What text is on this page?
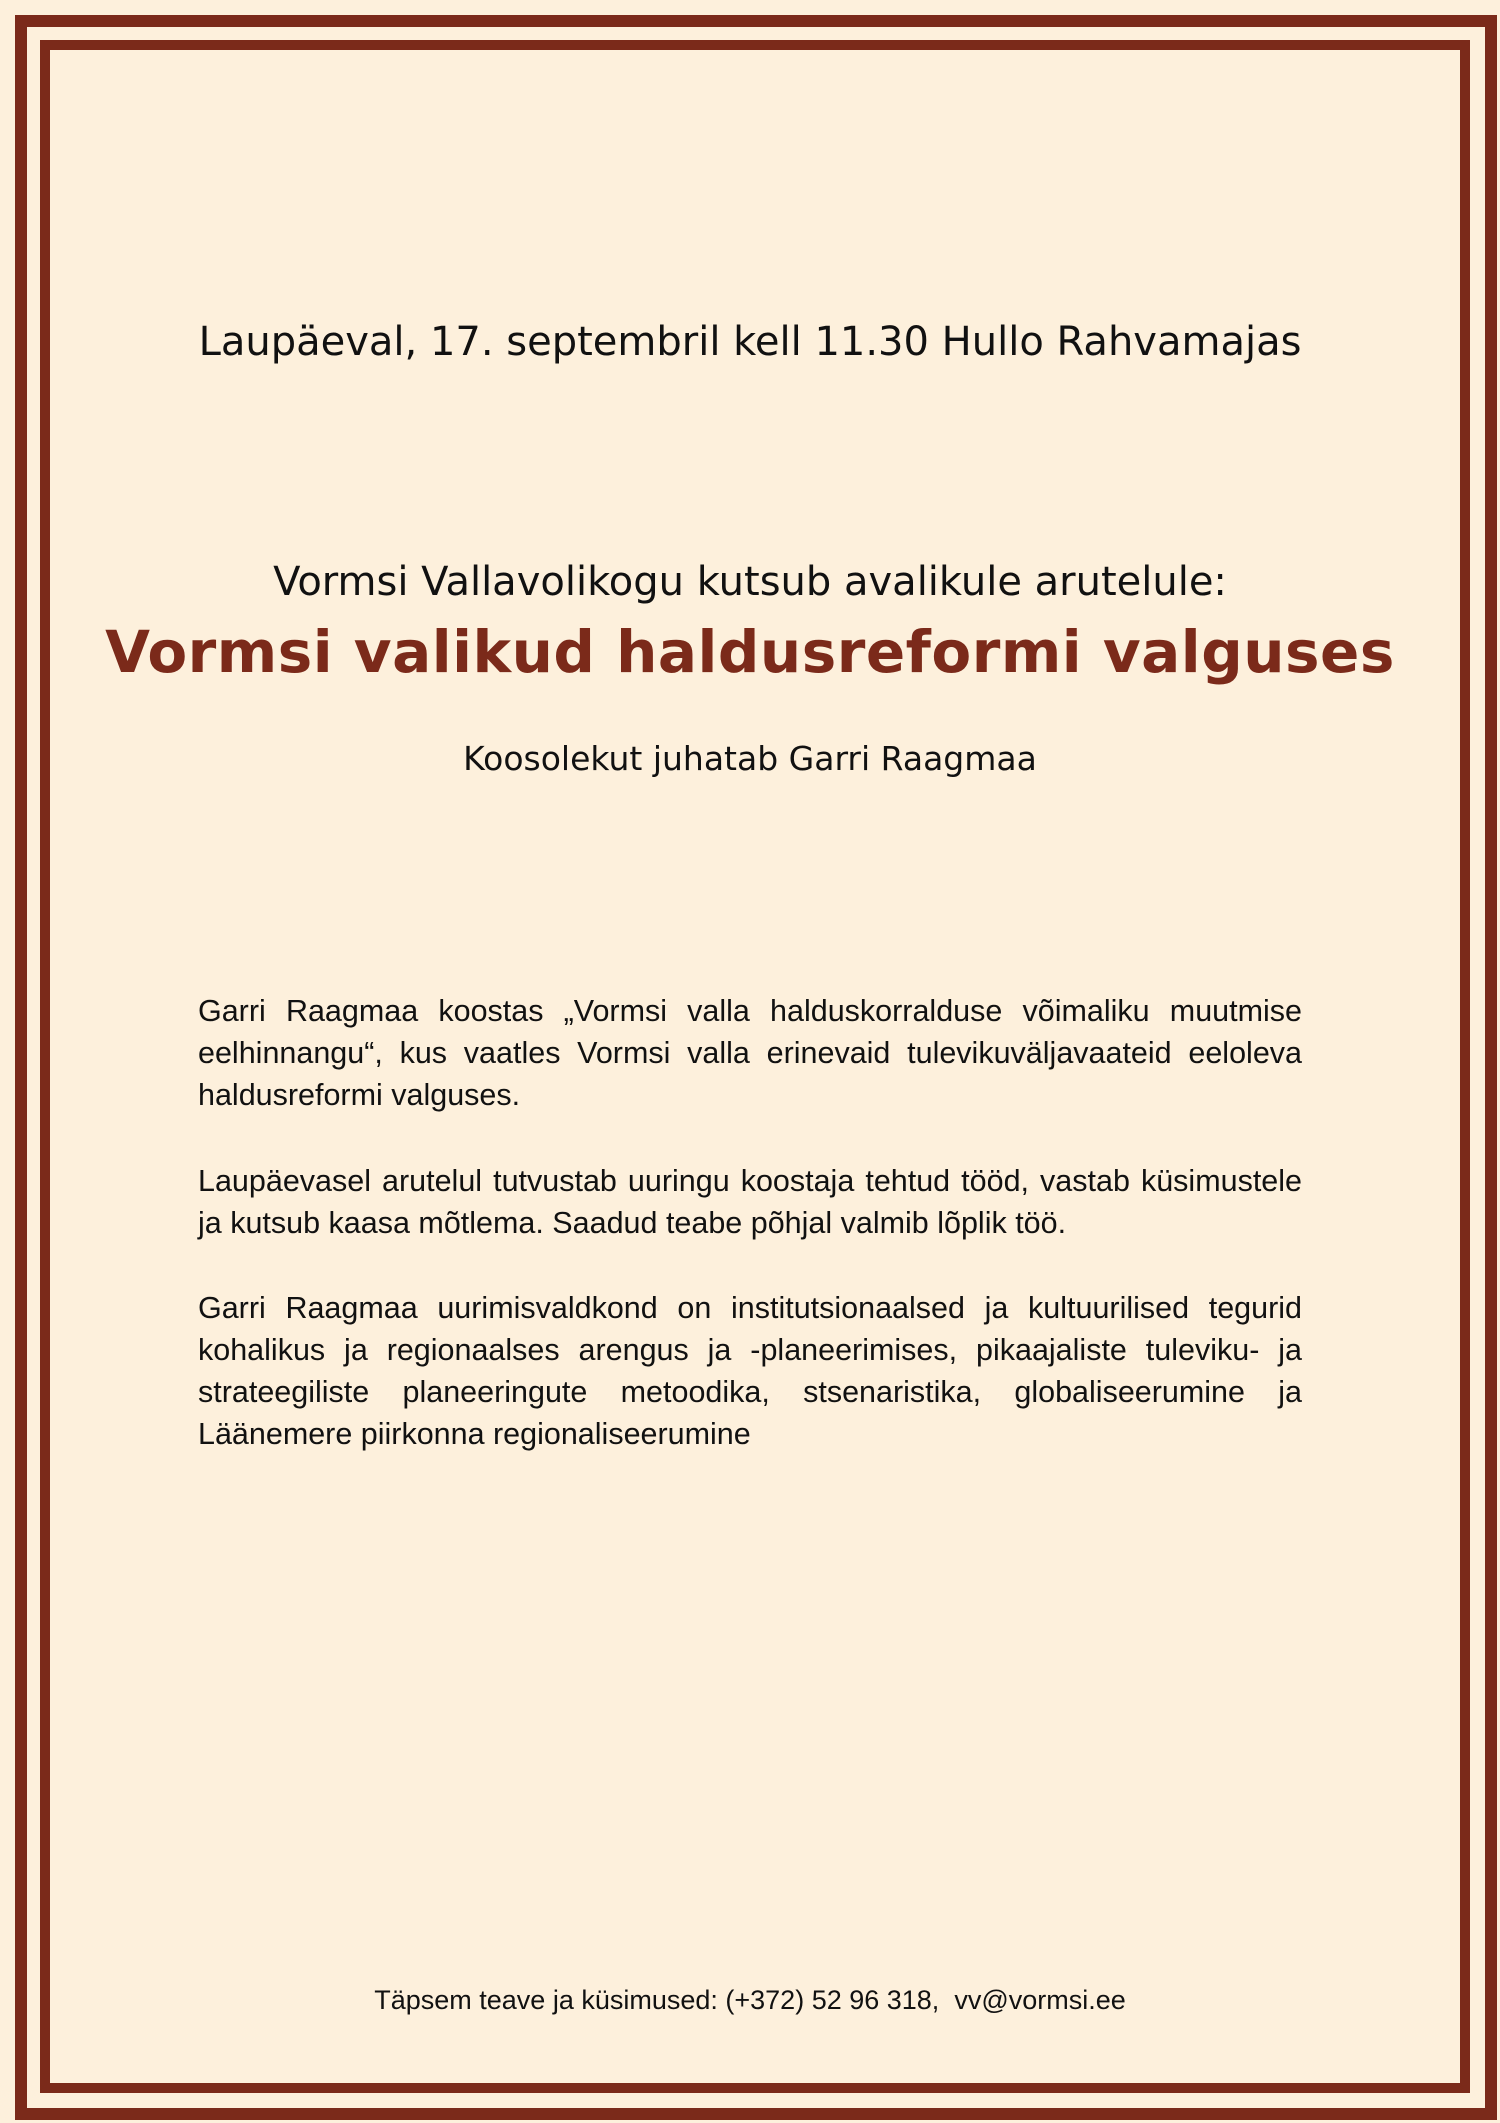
Laupäeval, 17. septembril kell 11.30 Hullo Rahvamajas
Vormsi Vallavolikogu kutsub avalikule arutelule:
Vormsi valikud haldusreformi valguses
Koosolekut juhatab Garri Raagmaa
Garri Raagmaa koostas „Vormsi valla halduskorralduse võimaliku muutmise eelhinnangu“, kus vaatles Vormsi valla erinevaid tulevikuväljavaateid eeloleva haldusreformi valguses.
Laupäevasel arutelul tutvustab uuringu koostaja tehtud tööd, vastab küsimustele ja kutsub kaasa mõtlema. Saadud teabe põhjal valmib lõplik töö.
Garri Raagmaa uurimisvaldkond on institutsionaalsed ja kultuurilised tegurid kohalikus ja regionaalses arengus ja -planeerimises, pikaajaliste tuleviku- ja strateegiliste planeeringute metoodika, stsenaristika, globaliseerumine ja Läänemere piirkonna regionaliseerumine
Täpsem teave ja küsimused: (+372) 52 96 318,  vv@vormsi.ee
